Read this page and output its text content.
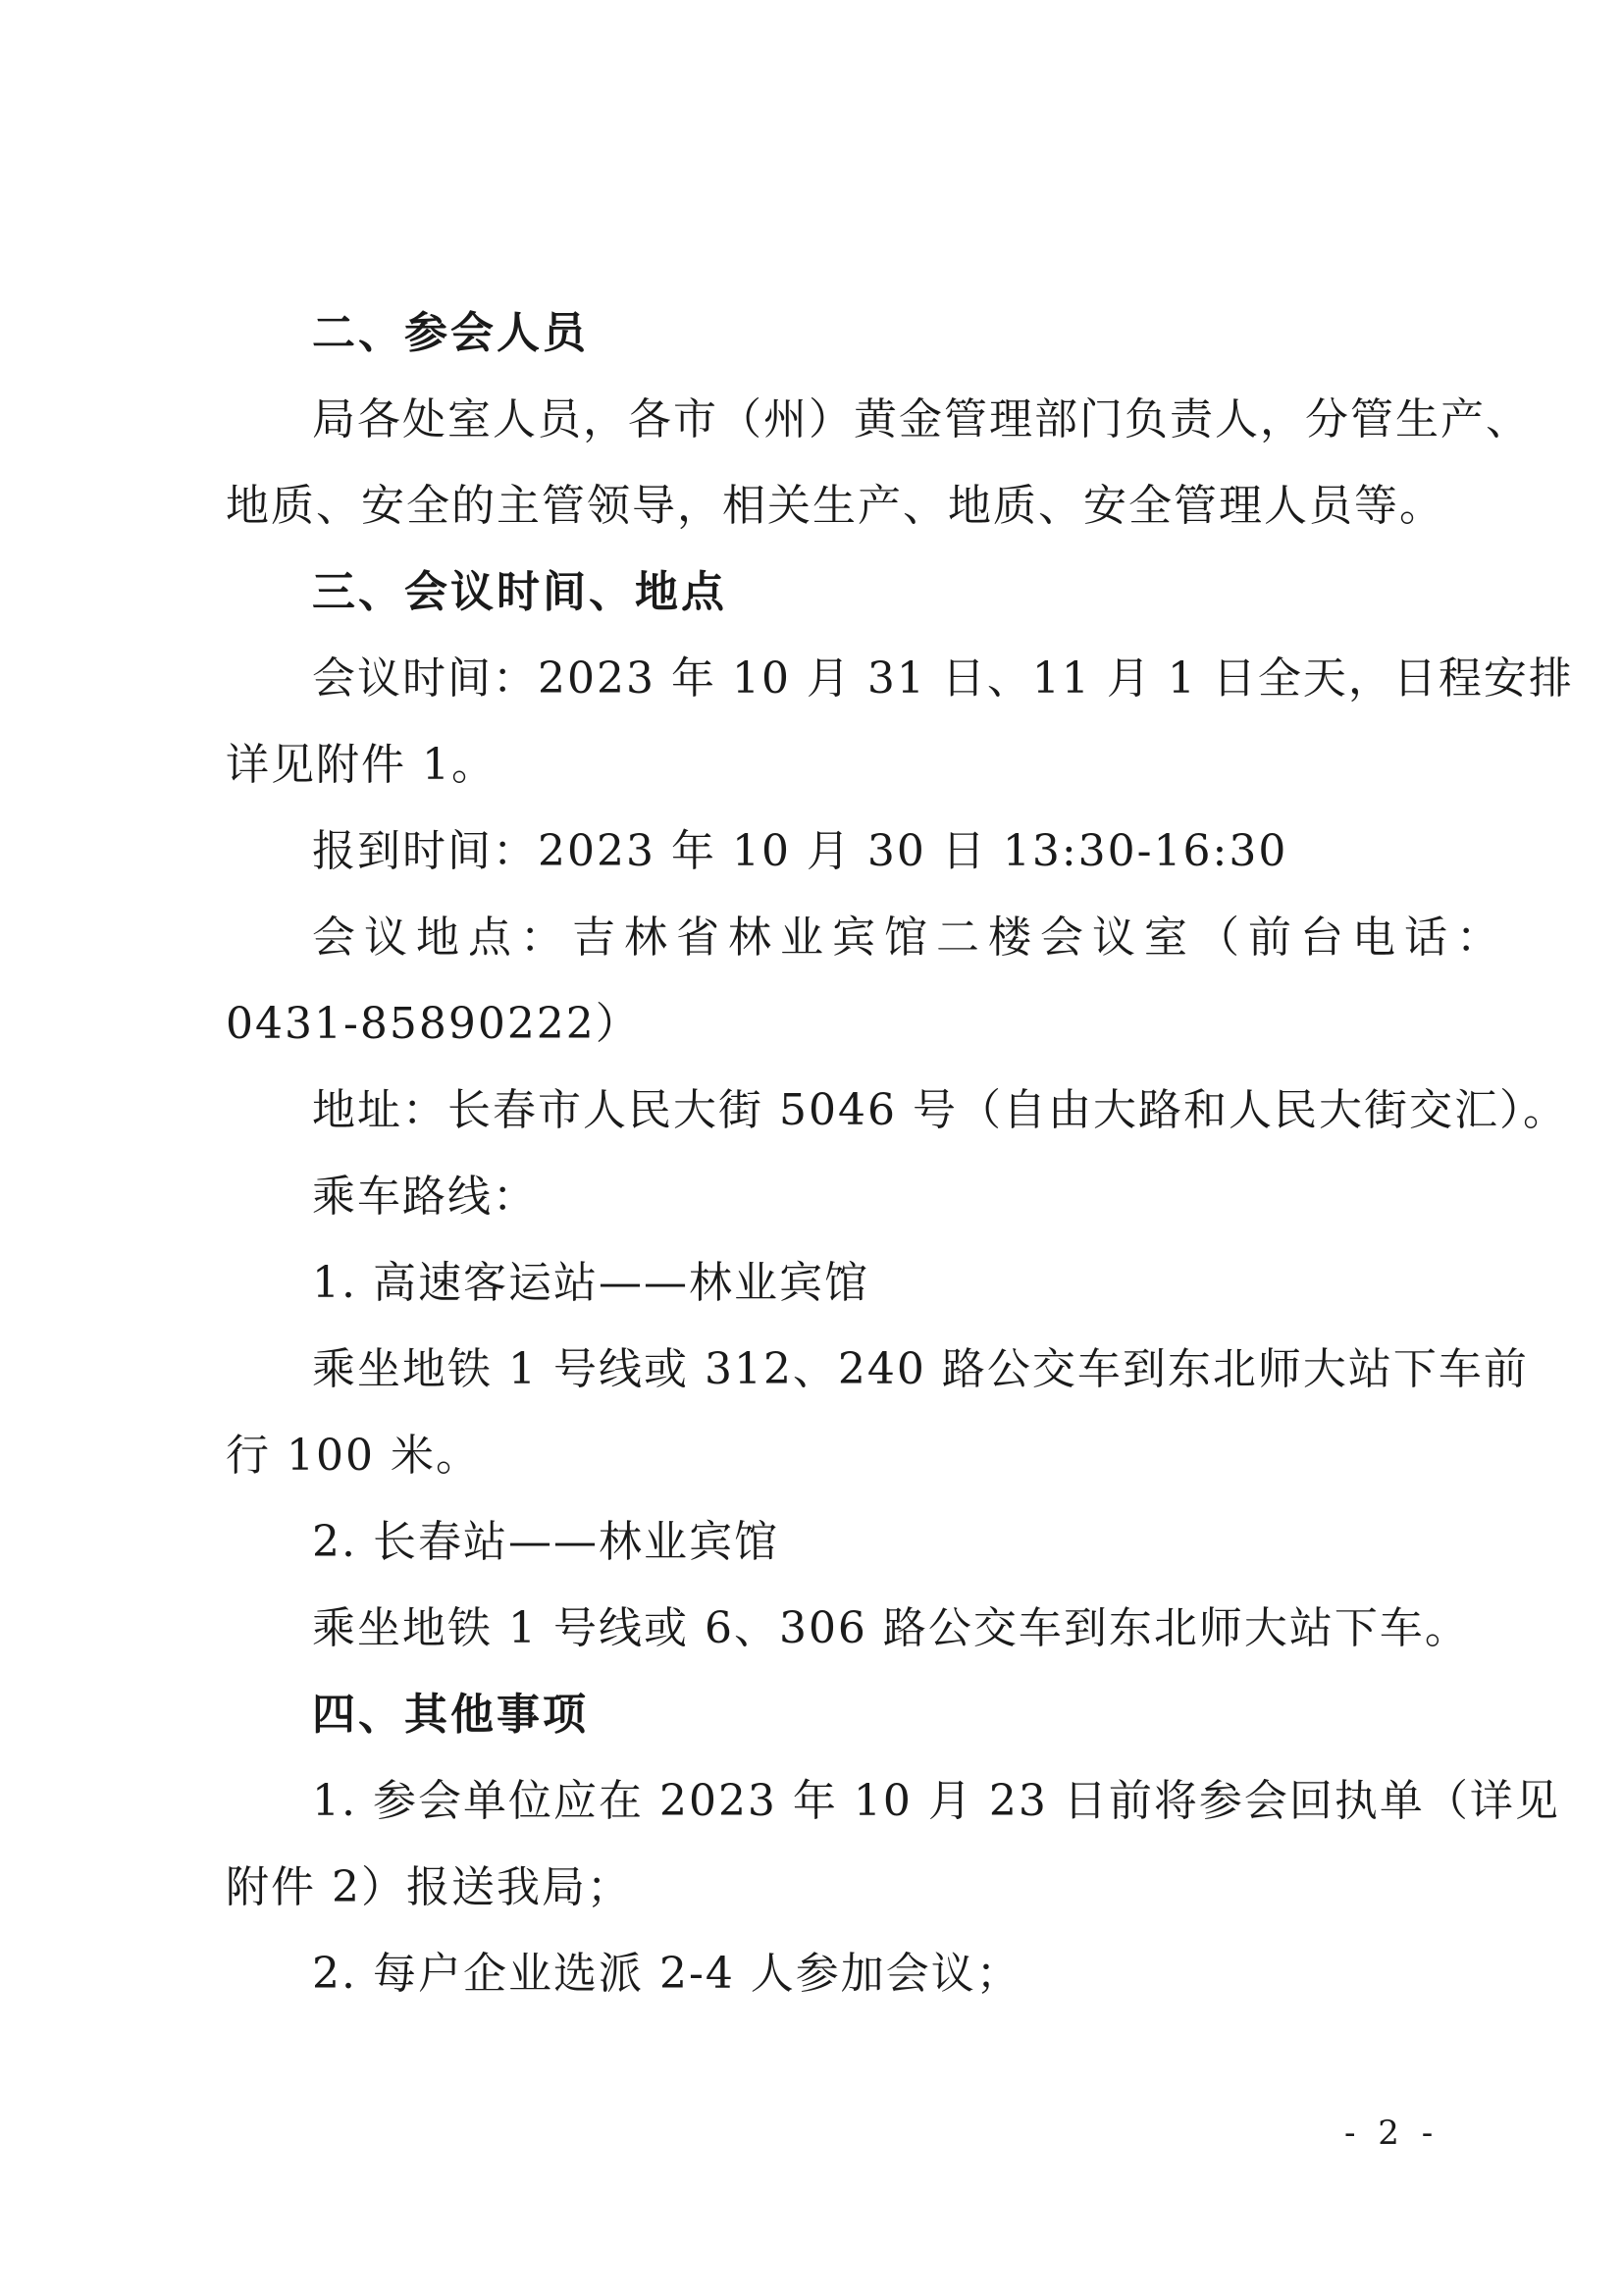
二、参会人员
局各处室人员，各市（州）黄金管理部门负责人，分管生产、
地质、安全的主管领导，相关生产、地质、安全管理人员等。
三、会议时间、地点
会议时间：2023 年 10 月 31 日、11 月 1 日全天，日程安排
详见附件 1。
报到时间：2023 年 10 月 30 日 13:30-16:30
会议地点：吉林省林业宾馆二楼会议室（前台电话：
0431-85890222）
地址：长春市人民大街 5046 号（自由大路和人民大街交汇）。
乘车路线：
1. 高速客运站——林业宾馆
乘坐地铁 1 号线或 312、240 路公交车到东北师大站下车前
行 100 米。
2. 长春站——林业宾馆
乘坐地铁 1 号线或 6、306 路公交车到东北师大站下车。
四、其他事项
1. 参会单位应在 2023 年 10 月 23 日前将参会回执单（详见
附件 2）报送我局；
2. 每户企业选派 2-4 人参加会议；
- 2 -
